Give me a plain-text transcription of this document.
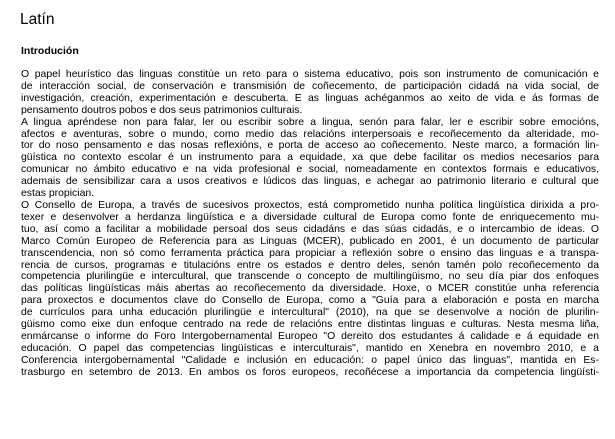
Latín
Introdución
O papel heurístico das linguas constitúe un reto para o sistema educativo, pois son instrumento de comunicación e
de interacción social, de conservación e transmisión de coñecemento, de participación cidadá na vida social, de
investigación, creación, experimentación e descuberta. E as linguas achéganmos ao xeito de vida e ás formas de
pensamento doutros pobos e dos seus patrimonios culturais.
A lingua apréndese non para falar, ler ou escribir sobre a lingua, senón para falar, ler e escribir sobre emocións,
afectos e aventuras, sobre o mundo, como medio das relacións interpersoais e recoñecemento da alteridade, mo-
tor do noso pensamento e das nosas reflexións, e porta de acceso ao coñecemento. Neste marco, a formación lin-
güística no contexto escolar é un instrumento para a equidade, xa que debe facilitar os medios necesarios para
comunicar no ámbito educativo e na vida profesional e social, nomeadamente en contextos formais e educativos,
ademais de sensibilizar cara a usos creativos e lúdicos das linguas, e achegar ao patrimonio literario e cultural que
estas propician.
O Consello de Europa, a través de sucesivos proxectos, está comprometido nunha política lingüística dirixida a pro-
texer e desenvolver a herdanza lingüística e a diversidade cultural de Europa como fonte de enriquecemento mu-
tuo, así como a facilitar a mobilidade persoal dos seus cidadáns e das súas cidadás, e o intercambio de ideas. O
Marco Común Europeo de Referencia para as Linguas (MCER), publicado en 2001, é un documento de particular
transcendencia, non só como ferramenta práctica para propiciar a reflexión sobre o ensino das linguas e a transpa-
rencia de cursos, programas e titulacións entre os estados e dentro deles, senón tamén polo recoñecemento da
competencia plurilingüe e intercultural, que transcende o concepto de multilingüismo, no seu día piar dos enfoques
das políticas lingüísticas máis abertas ao recoñecemento da diversidade. Hoxe, o MCER constitúe unha referencia
para proxectos e documentos clave do Consello de Europa, como a "Guía para a elaboración e posta en marcha
de currículos para unha educación plurilingüe e intercultural" (2010), na que se desenvolve a noción de plurilin-
güismo como eixe dun enfoque centrado na rede de relacións entre distintas linguas e culturas. Nesta mesma liña,
enmárcanse o informe do Foro Intergobernamental Europeo "O dereito dos estudantes á calidade e á equidade en
educación. O papel das competencias lingüísticas e interculturais", mantido en Xenebra en novembro 2010, e a
Conferencia intergobernamental "Calidade e inclusión en educación: o papel único das linguas", mantida en Es-
trasburgo en setembro de 2013. En ambos os foros europeos, recoñécese a importancia da competencia lingüísti-
